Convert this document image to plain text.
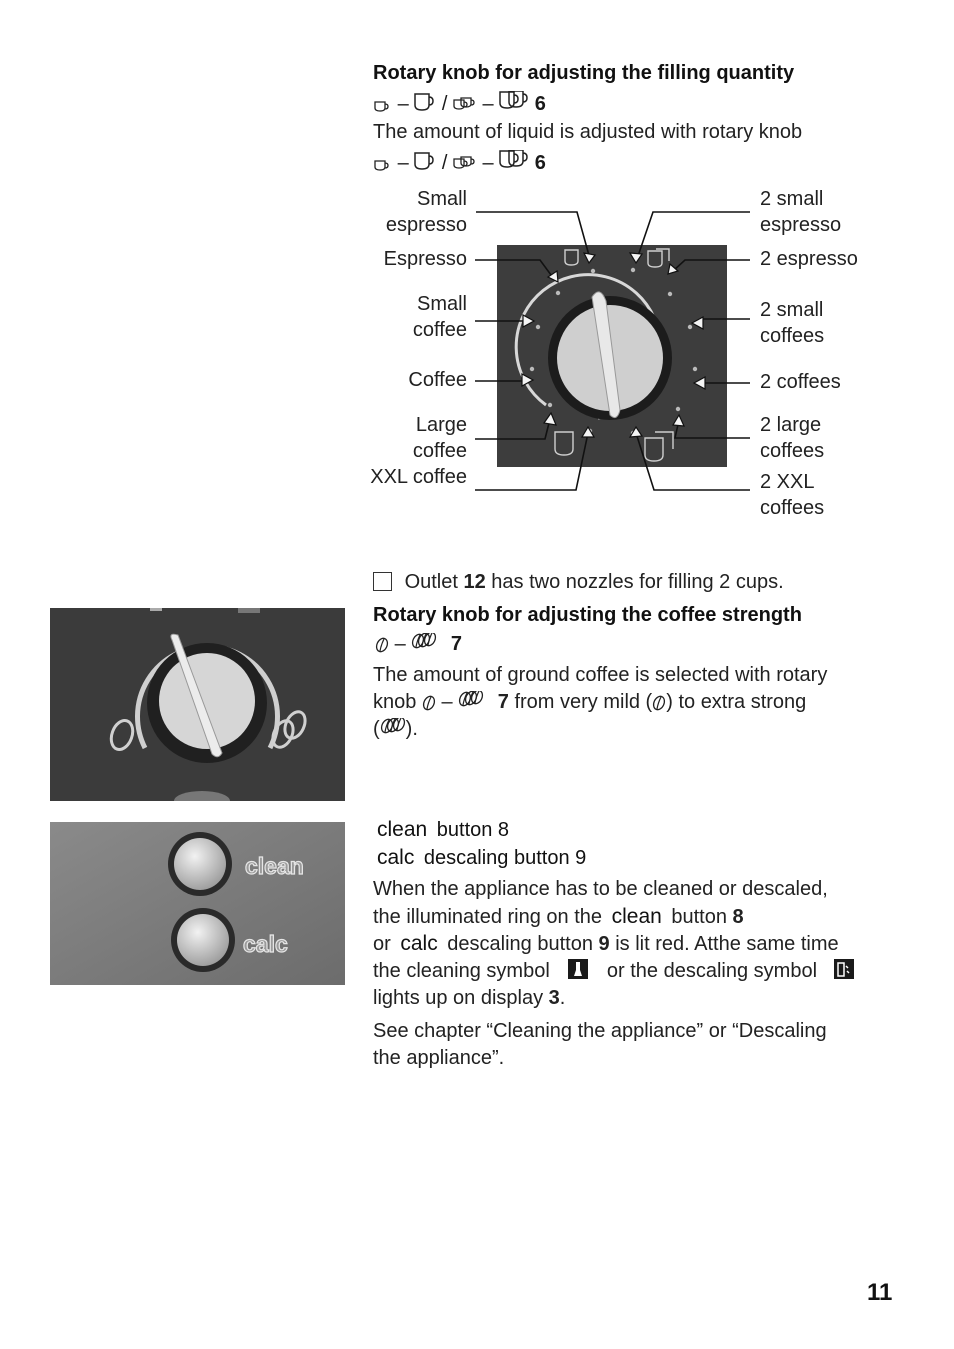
Rotary knob for adjusting the filling quantity
– / – 6
The amount of liquid is adjusted with rotary knob
– / – 6
Small espresso
Espresso
Small coffee
Coffee
Large coffee
XXL coffee
2 small espresso
2 espresso
2 small coffees
2 coffees
2 large coffees
2 XXL coffees
Outlet 12 has two nozzles for filling 2 cups.
Rotary knob for adjusting the coffee strength
– 7
The amount of ground coffee is selected with rotary
knob – 7 from very mild ( ) to extra strong
( ).
clean
calc
clean button 8
calc descaling button 9
When the appliance has to be cleaned or descaled,
the illuminated ring on the clean button 8
or calc descaling button 9 is lit red. Atthe same time
the cleaning symbol	or the descaling symbol
lights up on display 3.
See chapter “Cleaning the appliance” or “Descaling
the appliance”.
11
